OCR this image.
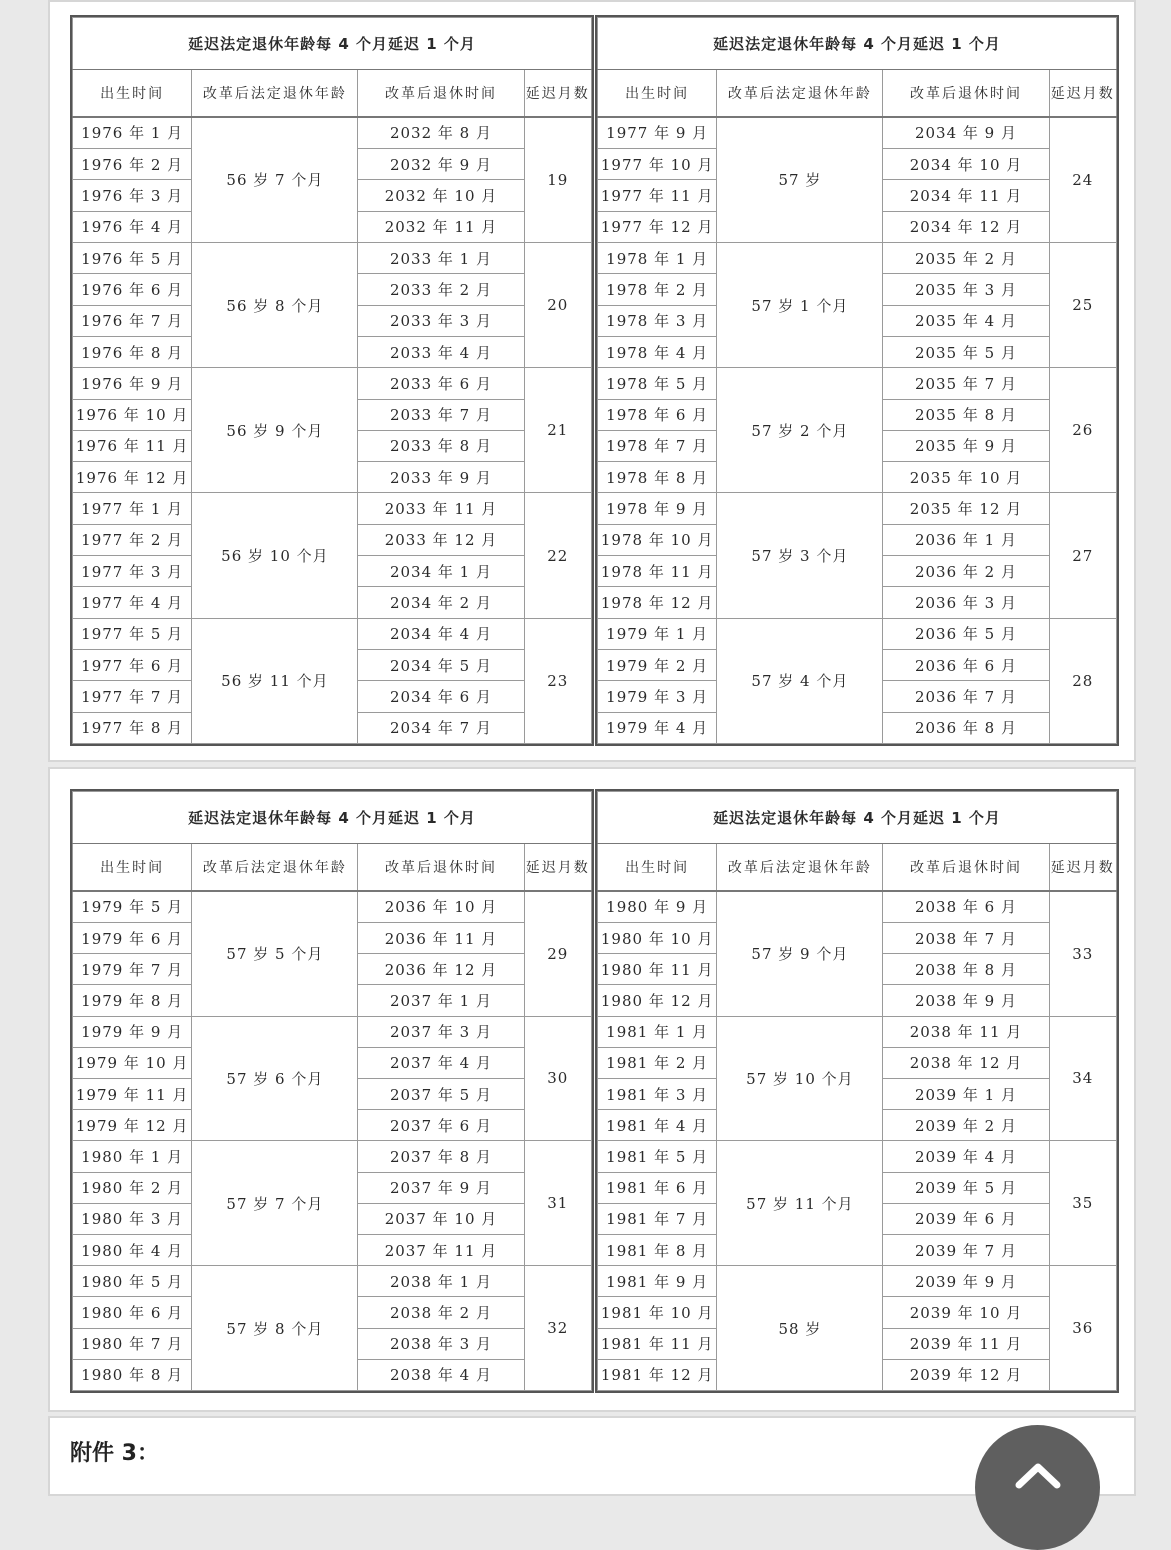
延迟法定退休年龄每 4 个月延迟 1 个月			
出生时间	改革后法定退休年龄	改革后退休时间	延迟月数
1976 年 1 月	56 岁 7 个月	2032 年 8 月	19
1976 年 2 月		2032 年 9 月	
1976 年 3 月		2032 年 10 月	
1976 年 4 月		2032 年 11 月	
1976 年 5 月	56 岁 8 个月	2033 年 1 月	20
1976 年 6 月		2033 年 2 月	
1976 年 7 月		2033 年 3 月	
1976 年 8 月		2033 年 4 月	
1976 年 9 月	56 岁 9 个月	2033 年 6 月	21
1976 年 10 月		2033 年 7 月	
1976 年 11 月		2033 年 8 月	
1976 年 12 月		2033 年 9 月	
1977 年 1 月	56 岁 10 个月	2033 年 11 月	22
1977 年 2 月		2033 年 12 月	
1977 年 3 月		2034 年 1 月	
1977 年 4 月		2034 年 2 月	
1977 年 5 月	56 岁 11 个月	2034 年 4 月	23
1977 年 6 月		2034 年 5 月	
1977 年 7 月		2034 年 6 月	
1977 年 8 月		2034 年 7 月	
延迟法定退休年龄每 4 个月延迟 1 个月			
出生时间	改革后法定退休年龄	改革后退休时间	延迟月数
1977 年 9 月	57 岁	2034 年 9 月	24
1977 年 10 月		2034 年 10 月	
1977 年 11 月		2034 年 11 月	
1977 年 12 月		2034 年 12 月	
1978 年 1 月	57 岁 1 个月	2035 年 2 月	25
1978 年 2 月		2035 年 3 月	
1978 年 3 月		2035 年 4 月	
1978 年 4 月		2035 年 5 月	
1978 年 5 月	57 岁 2 个月	2035 年 7 月	26
1978 年 6 月		2035 年 8 月	
1978 年 7 月		2035 年 9 月	
1978 年 8 月		2035 年 10 月	
1978 年 9 月	57 岁 3 个月	2035 年 12 月	27
1978 年 10 月		2036 年 1 月	
1978 年 11 月		2036 年 2 月	
1978 年 12 月		2036 年 3 月	
1979 年 1 月	57 岁 4 个月	2036 年 5 月	28
1979 年 2 月		2036 年 6 月	
1979 年 3 月		2036 年 7 月	
1979 年 4 月		2036 年 8 月	
延迟法定退休年龄每 4 个月延迟 1 个月			
出生时间	改革后法定退休年龄	改革后退休时间	延迟月数
1979 年 5 月	57 岁 5 个月	2036 年 10 月	29
1979 年 6 月		2036 年 11 月	
1979 年 7 月		2036 年 12 月	
1979 年 8 月		2037 年 1 月	
1979 年 9 月	57 岁 6 个月	2037 年 3 月	30
1979 年 10 月		2037 年 4 月	
1979 年 11 月		2037 年 5 月	
1979 年 12 月		2037 年 6 月	
1980 年 1 月	57 岁 7 个月	2037 年 8 月	31
1980 年 2 月		2037 年 9 月	
1980 年 3 月		2037 年 10 月	
1980 年 4 月		2037 年 11 月	
1980 年 5 月	57 岁 8 个月	2038 年 1 月	32
1980 年 6 月		2038 年 2 月	
1980 年 7 月		2038 年 3 月	
1980 年 8 月		2038 年 4 月	
延迟法定退休年龄每 4 个月延迟 1 个月			
出生时间	改革后法定退休年龄	改革后退休时间	延迟月数
1980 年 9 月	57 岁 9 个月	2038 年 6 月	33
1980 年 10 月		2038 年 7 月	
1980 年 11 月		2038 年 8 月	
1980 年 12 月		2038 年 9 月	
1981 年 1 月	57 岁 10 个月	2038 年 11 月	34
1981 年 2 月		2038 年 12 月	
1981 年 3 月		2039 年 1 月	
1981 年 4 月		2039 年 2 月	
1981 年 5 月	57 岁 11 个月	2039 年 4 月	35
1981 年 6 月		2039 年 5 月	
1981 年 7 月		2039 年 6 月	
1981 年 8 月		2039 年 7 月	
1981 年 9 月	58 岁	2039 年 9 月	36
1981 年 10 月		2039 年 10 月	
1981 年 11 月		2039 年 11 月	
1981 年 12 月		2039 年 12 月	
附件 3：
